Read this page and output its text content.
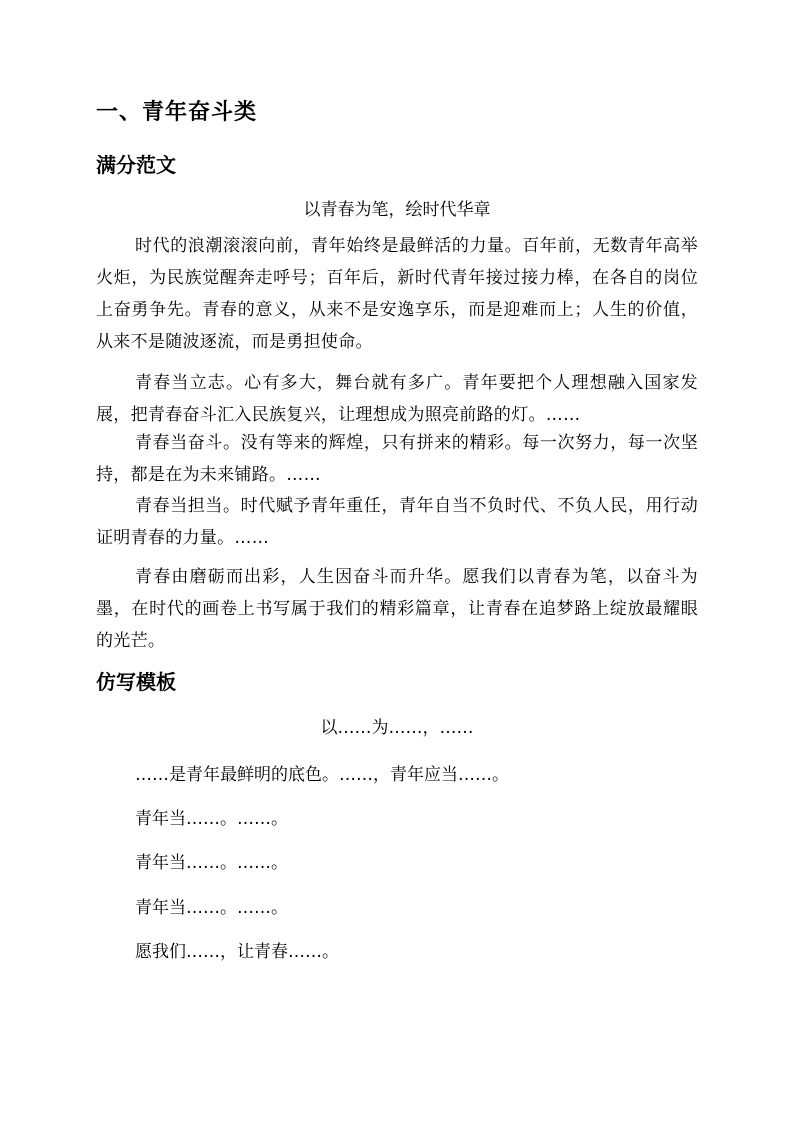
一、青年奋斗类
满分范文
以青春为笔，绘时代华章

时代的浪潮滚滚向前，青年始终是最鲜活的力量。百年前，无数青年高举火炬，为民族觉醒奔走呼号；百年后，新时代青年接过接力棒，在各自的岗位上奋勇争先。青春的意义，从来不是安逸享乐，而是迎难而上；人生的价值，从来不是随波逐流，而是勇担使命。

青春当立志。心有多大，舞台就有多广。青年要把个人理想融入国家发展，把青春奋斗汇入民族复兴，让理想成为照亮前路的灯。……

青春当奋斗。没有等来的辉煌，只有拼来的精彩。每一次努力，每一次坚持，都是在为未来铺路。……

青春当担当。时代赋予青年重任，青年自当不负时代、不负人民，用行动证明青春的力量。……

青春由磨砺而出彩，人生因奋斗而升华。愿我们以青春为笔，以奋斗为墨，在时代的画卷上书写属于我们的精彩篇章，让青春在追梦路上绽放最耀眼的光芒。

仿写模板
以……为……，……

……是青年最鲜明的底色。……，青年应当……。

青年当……。……。

青年当……。……。

青年当……。……。

愿我们……，让青春……。
